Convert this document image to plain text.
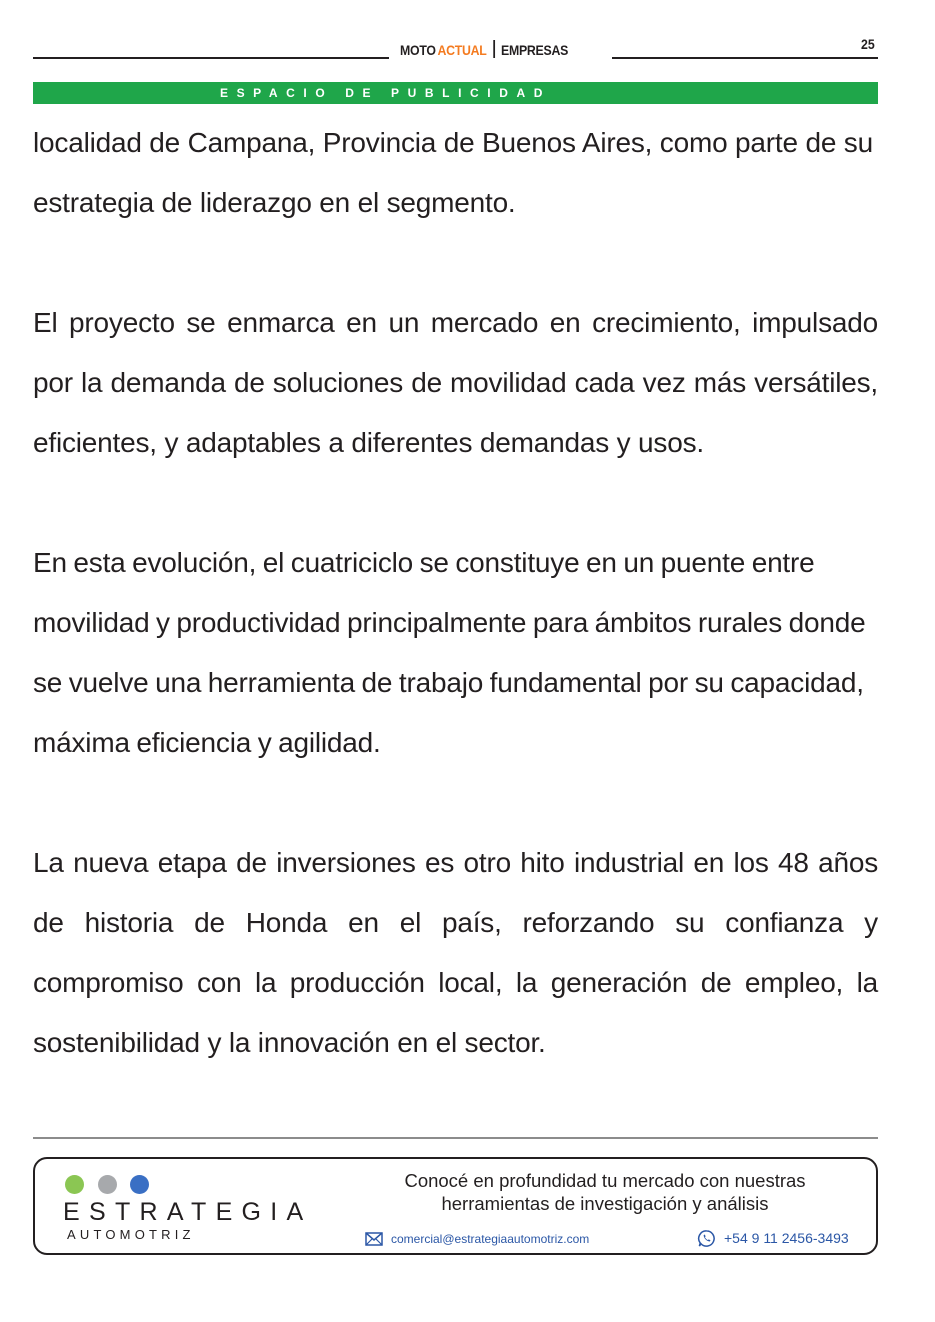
MOTO ACTUAL EMPRESAS	25
ESPACIO DE PUBLICIDAD

localidad de Campana, Provincia de Buenos Aires, como parte de su estrategia de liderazgo en el segmento.

El proyecto se enmarca en un mercado en crecimiento, impulsado por la demanda de soluciones de movilidad cada vez más versátiles, eficientes, y adaptables a diferentes demandas y usos.

En esta evolución, el cuatriciclo se constituye en un puente entre movilidad y productividad principalmente para ámbitos rurales donde se vuelve una herramienta de trabajo fundamental por su capacidad, máxima eficiencia y agilidad.

La nueva etapa de inversiones es otro hito industrial en los 48 años de historia de Honda en el país, reforzando su confianza y compromiso con la producción local, la generación de empleo, la sostenibilidad y la innovación en el sector.

ESTRATEGIA
AUTOMOTRIZ
Conocé en profundidad tu mercado con nuestras
herramientas de investigación y análisis
comercial@estrategiaautomotriz.com	+54 9 11 2456-3493
